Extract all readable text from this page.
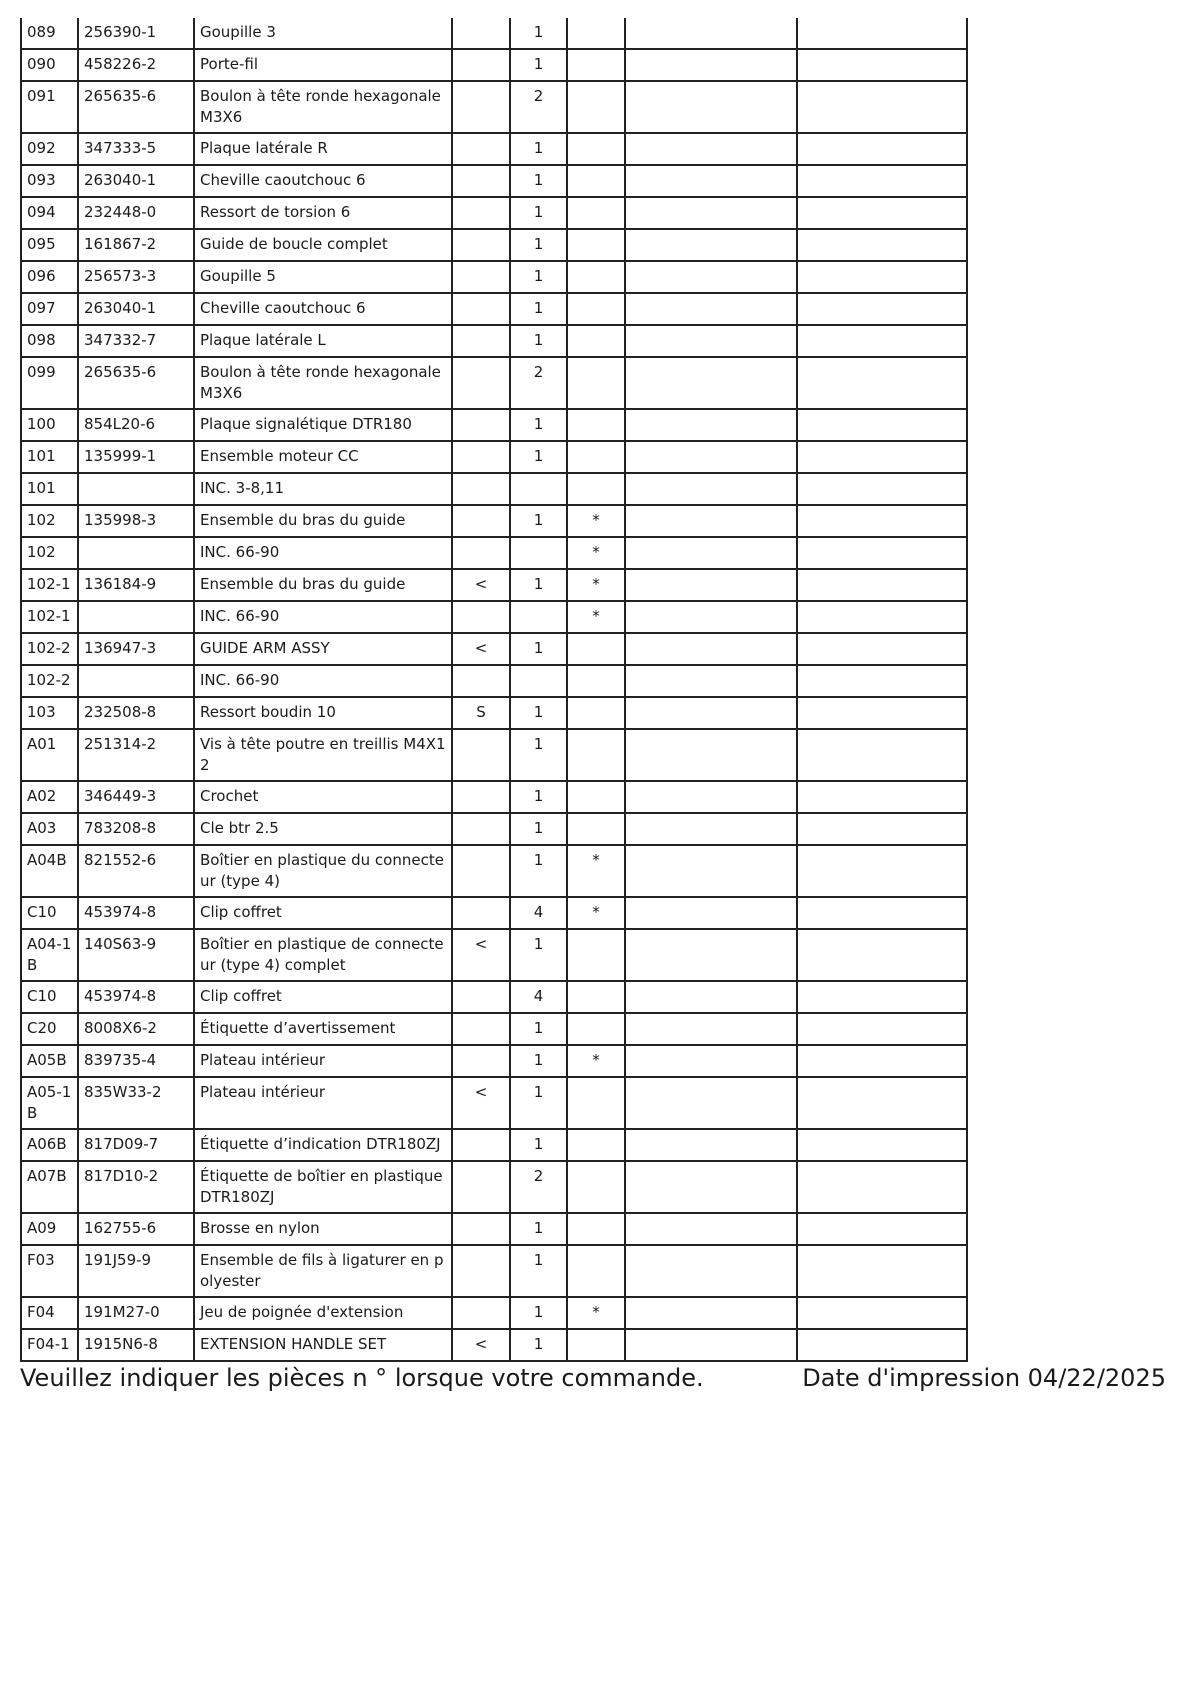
089	256390-1	Goupille 3		1			
090	458226-2	Porte-fil		1			
091	265635-6	Boulon à tête ronde hexagonale M3X6		2			
092	347333-5	Plaque latérale R		1			
093	263040-1	Cheville caoutchouc 6		1			
094	232448-0	Ressort de torsion 6		1			
095	161867-2	Guide de boucle complet		1			
096	256573-3	Goupille 5		1			
097	263040-1	Cheville caoutchouc 6		1			
098	347332-7	Plaque latérale L		1			
099	265635-6	Boulon à tête ronde hexagonale M3X6		2			
100	854L20-6	Plaque signalétique DTR180		1			
101	135999-1	Ensemble moteur CC		1			
101		INC. 3-8,11					
102	135998-3	Ensemble du bras du guide		1	*		
102		INC. 66-90			*		
102-1	136184-9	Ensemble du bras du guide	<	1	*		
102-1		INC. 66-90			*		
102-2	136947-3	GUIDE ARM ASSY	<	1			
102-2		INC. 66-90					
103	232508-8	Ressort boudin 10	S	1			
A01	251314-2	Vis à tête poutre en treillis M4X1 2		1			
A02	346449-3	Crochet		1			
A03	783208-8	Cle btr 2.5		1			
A04B	821552-6	Boîtier en plastique du connecte ur (type 4)		1	*		
C10	453974-8	Clip coffret		4	*		
A04-1 B	140S63-9	Boîtier en plastique de connecte ur (type 4) complet	<	1			
C10	453974-8	Clip coffret		4			
C20	8008X6-2	Étiquette d’avertissement		1			
A05B	839735-4	Plateau intérieur		1	*		
A05-1 B	835W33-2	Plateau intérieur	<	1			
A06B	817D09-7	Étiquette d’indication DTR180ZJ		1			
A07B	817D10-2	Étiquette de boîtier en plastique DTR180ZJ		2			
A09	162755-6	Brosse en nylon		1			
F03	191J59-9	Ensemble de fils à ligaturer en p olyester		1			
F04	191M27-0	Jeu de poignée d'extension		1	*		
F04-1	1915N6-8	EXTENSION HANDLE SET	<	1			
Veuillez indiquer les pièces n ° lorsque votre commande.	Date d'impression 04/22/2025
